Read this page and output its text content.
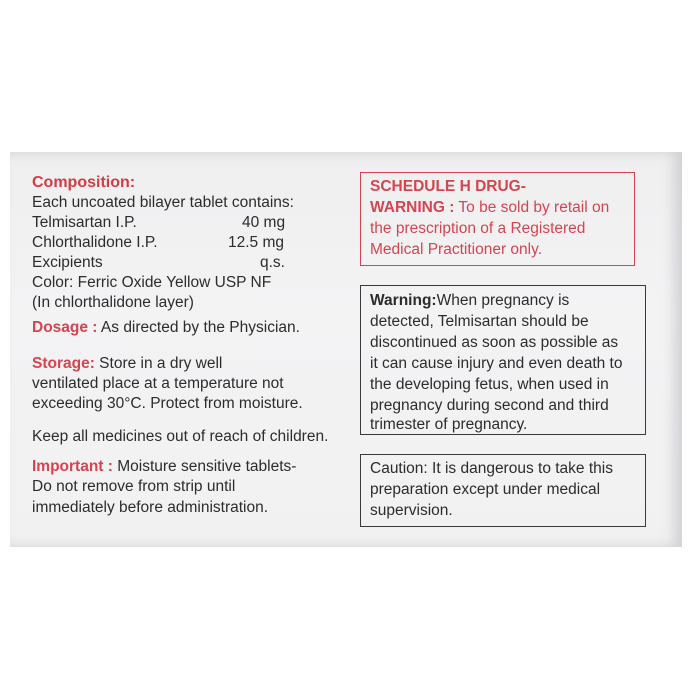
Composition:
Each uncoated bilayer tablet contains:
Telmisartan I.P.	40 mg
Chlorthalidone I.P.	12.5 mg
Excipients	q.s.
Color: Ferric Oxide Yellow USP NF
(In chlorthalidone layer)
Dosage : As directed by the Physician.
Storage: Store in a dry well
ventilated place at a temperature not
exceeding 30°C. Protect from moisture.
Keep all medicines out of reach of children.
Important : Moisture sensitive tablets-
Do not remove from strip until
immediately before administration.
SCHEDULE H DRUG-
WARNING : To be sold by retail on
the prescription of a Registered
Medical Practitioner only.
Warning:When pregnancy is
detected, Telmisartan should be
discontinued as soon as possible as
it can cause injury and even death to
the developing fetus, when used in
pregnancy during second and third
trimester of pregnancy.
Caution: It is dangerous to take this
preparation except under medical
supervision.
